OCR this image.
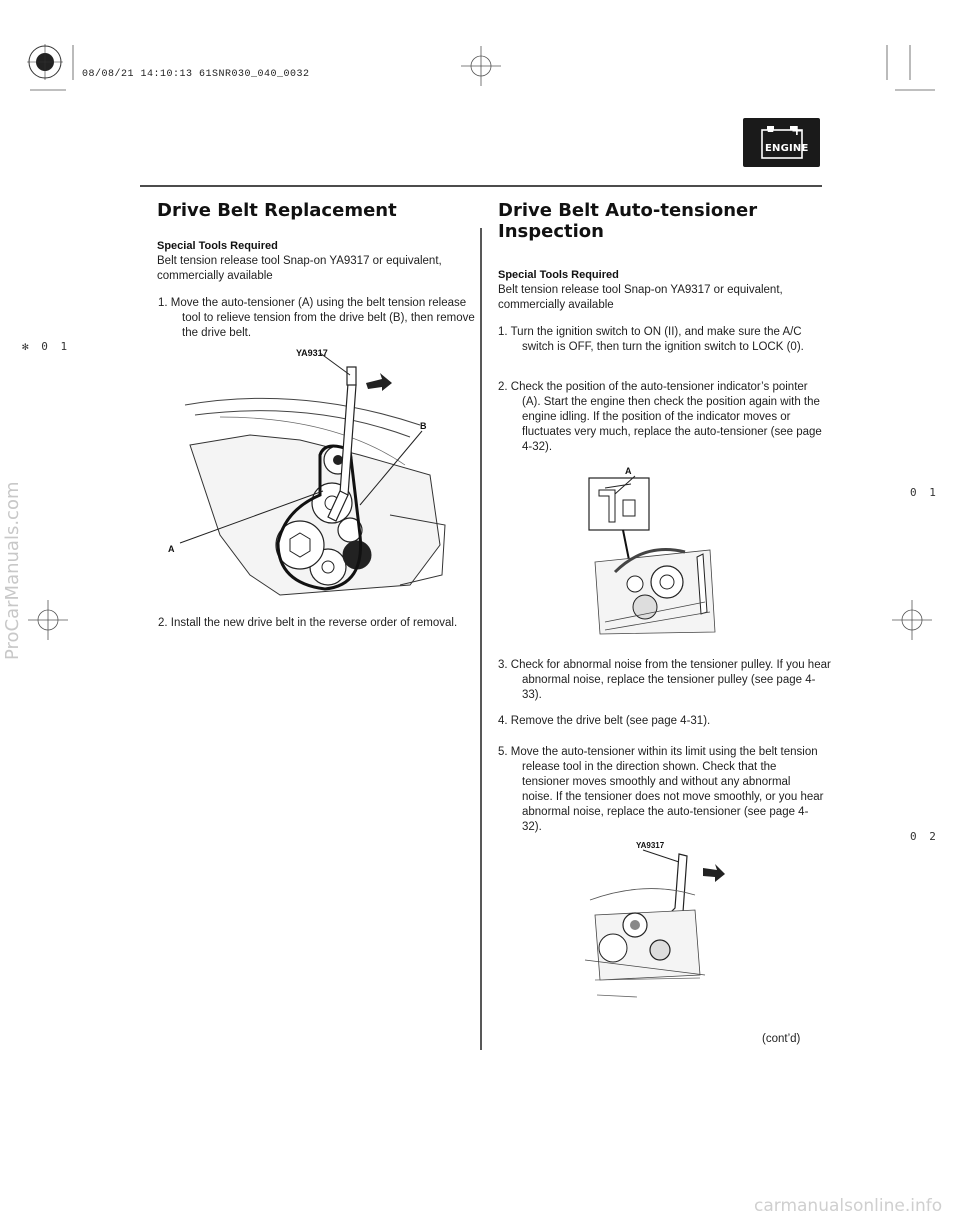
08/08/21 14:10:13 61SNR030_040_0032
– +
ENGINE
Drive Belt Replacement
Special Tools Required
Belt tension release tool Snap-on YA9317 or equivalent, commercially available
1. Move the auto-tensioner (A) using the belt tension release tool to relieve tension from the drive belt (B), then remove the drive belt.
YA9317
B
A
2. Install the new drive belt in the reverse order of removal.
Drive Belt Auto-tensioner
Inspection
Special Tools Required
Belt tension release tool Snap-on YA9317 or equivalent, commercially available
1. Turn the ignition switch to ON (II), and make sure the A/C switch is OFF, then turn the ignition switch to LOCK (0).
2. Check the position of the auto-tensioner indicator’s pointer (A). Start the engine then check the position again with the engine idling. If the position of the indicator moves or fluctuates very much, replace the auto-tensioner (see page 4-32).
A
3. Check for abnormal noise from the tensioner pulley. If you hear abnormal noise, replace the tensioner pulley (see page 4-33).
4. Remove the drive belt (see page 4-31).
5. Move the auto-tensioner within its limit using the belt tension release tool in the direction shown. Check that the tensioner moves smoothly and without any abnormal noise. If the tensioner does not move smoothly, or you hear abnormal noise, replace the auto-tensioner (see page 4-32).
YA9317
(cont’d)
✻ 0 1
0 1
0 2
ProCarManuals.com
carmanualsonline.info
